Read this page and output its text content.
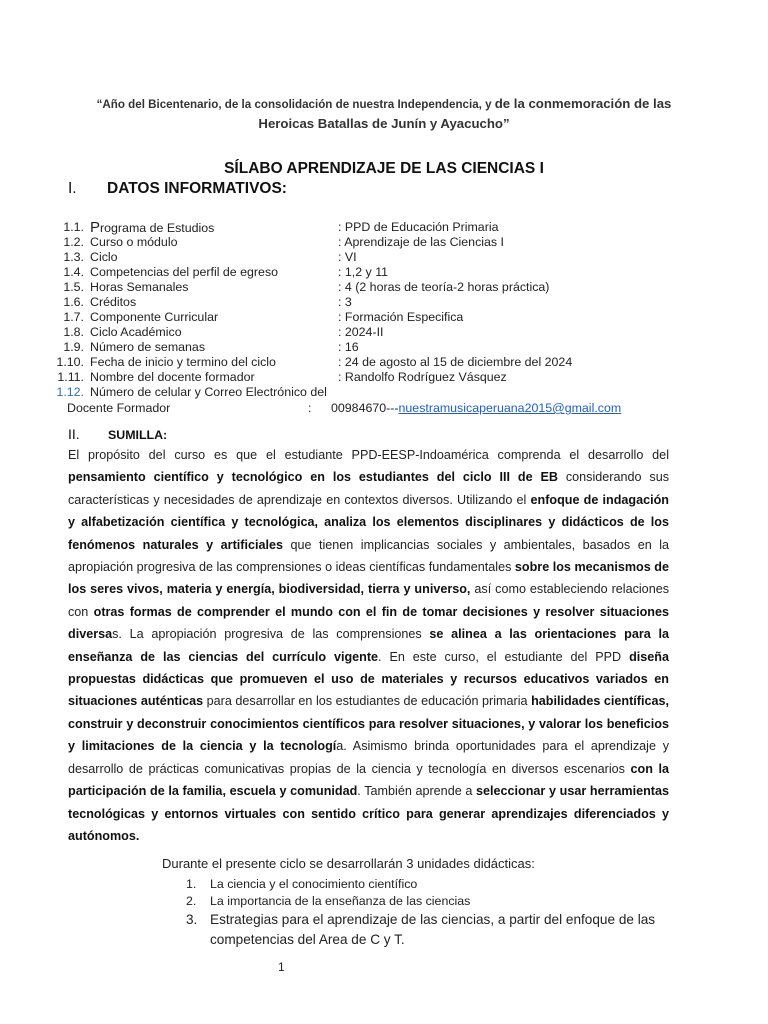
“Año del Bicentenario, de la consolidación de nuestra Independencia, y de la conmemoración de las
Heroicas Batallas de Junín y Ayacucho”
SÍLABO APRENDIZAJE DE LAS CIENCIAS I
I. DATOS INFORMATIVOS:
1.1. Programa de Estudios	: PPD de Educación Primaria
1.2. Curso o módulo	: Aprendizaje de las Ciencias I
1.3. Ciclo	: VI
1.4. Competencias del perfil de egreso	: 1,2 y 11
1.5. Horas Semanales	: 4 (2 horas de teoría-2 horas práctica)
1.6. Créditos	: 3
1.7. Componente Curricular	: Formación Especifica
1.8. Ciclo Académico	: 2024-II
1.9. Número de semanas	: 16
1.10. Fecha de inicio y termino del ciclo	: 24 de agosto al 15 de diciembre del 2024
1.11. Nombre del docente formador	: Randolfo Rodríguez Vásquez
1.12. Número de celular y Correo Electrónico del
Docente Formador	: 00984670---nuestramusicaperuana2015@gmail.com
II. SUMILLA:

El propósito del curso es que el estudiante PPD-EESP-Indoamérica comprenda el desarrollo del pensamiento científico y tecnológico en los estudiantes del ciclo III de EB considerando sus características y necesidades de aprendizaje en contextos diversos. Utilizando el enfoque de indagación y alfabetización científica y tecnológica, analiza los elementos disciplinares y didácticos de los fenómenos naturales y artificiales que tienen implicancias sociales y ambientales, basados en la apropiación progresiva de las comprensiones o ideas científicas fundamentales sobre los mecanismos de los seres vivos, materia y energía, biodiversidad, tierra y universo, así como estableciendo relaciones con otras formas de comprender el mundo con el fin de tomar decisiones y resolver situaciones diversas. La apropiación progresiva de las comprensiones se alinea a las orientaciones para la enseñanza de las ciencias del currículo vigente. En este curso, el estudiante del PPD diseña propuestas didácticas que promueven el uso de materiales y recursos educativos variados en situaciones auténticas para desarrollar en los estudiantes de educación primaria habilidades científicas, construir y deconstruir conocimientos científicos para resolver situaciones, y valorar los beneficios y limitaciones de la ciencia y la tecnología. Asimismo brinda oportunidades para el aprendizaje y desarrollo de prácticas comunicativas propias de la ciencia y tecnología en diversos escenarios con la participación de la familia, escuela y comunidad. También aprende a seleccionar y usar herramientas tecnológicas y entornos virtuales con sentido crítico para generar aprendizajes diferenciados y autónomos.

Durante el presente ciclo se desarrollarán 3 unidades didácticas:
1. La ciencia y el conocimiento científico
2. La importancia de la enseñanza de las ciencias
3. Estrategias para el aprendizaje de las ciencias, a partir del enfoque de las competencias del Area de C y T.
1
